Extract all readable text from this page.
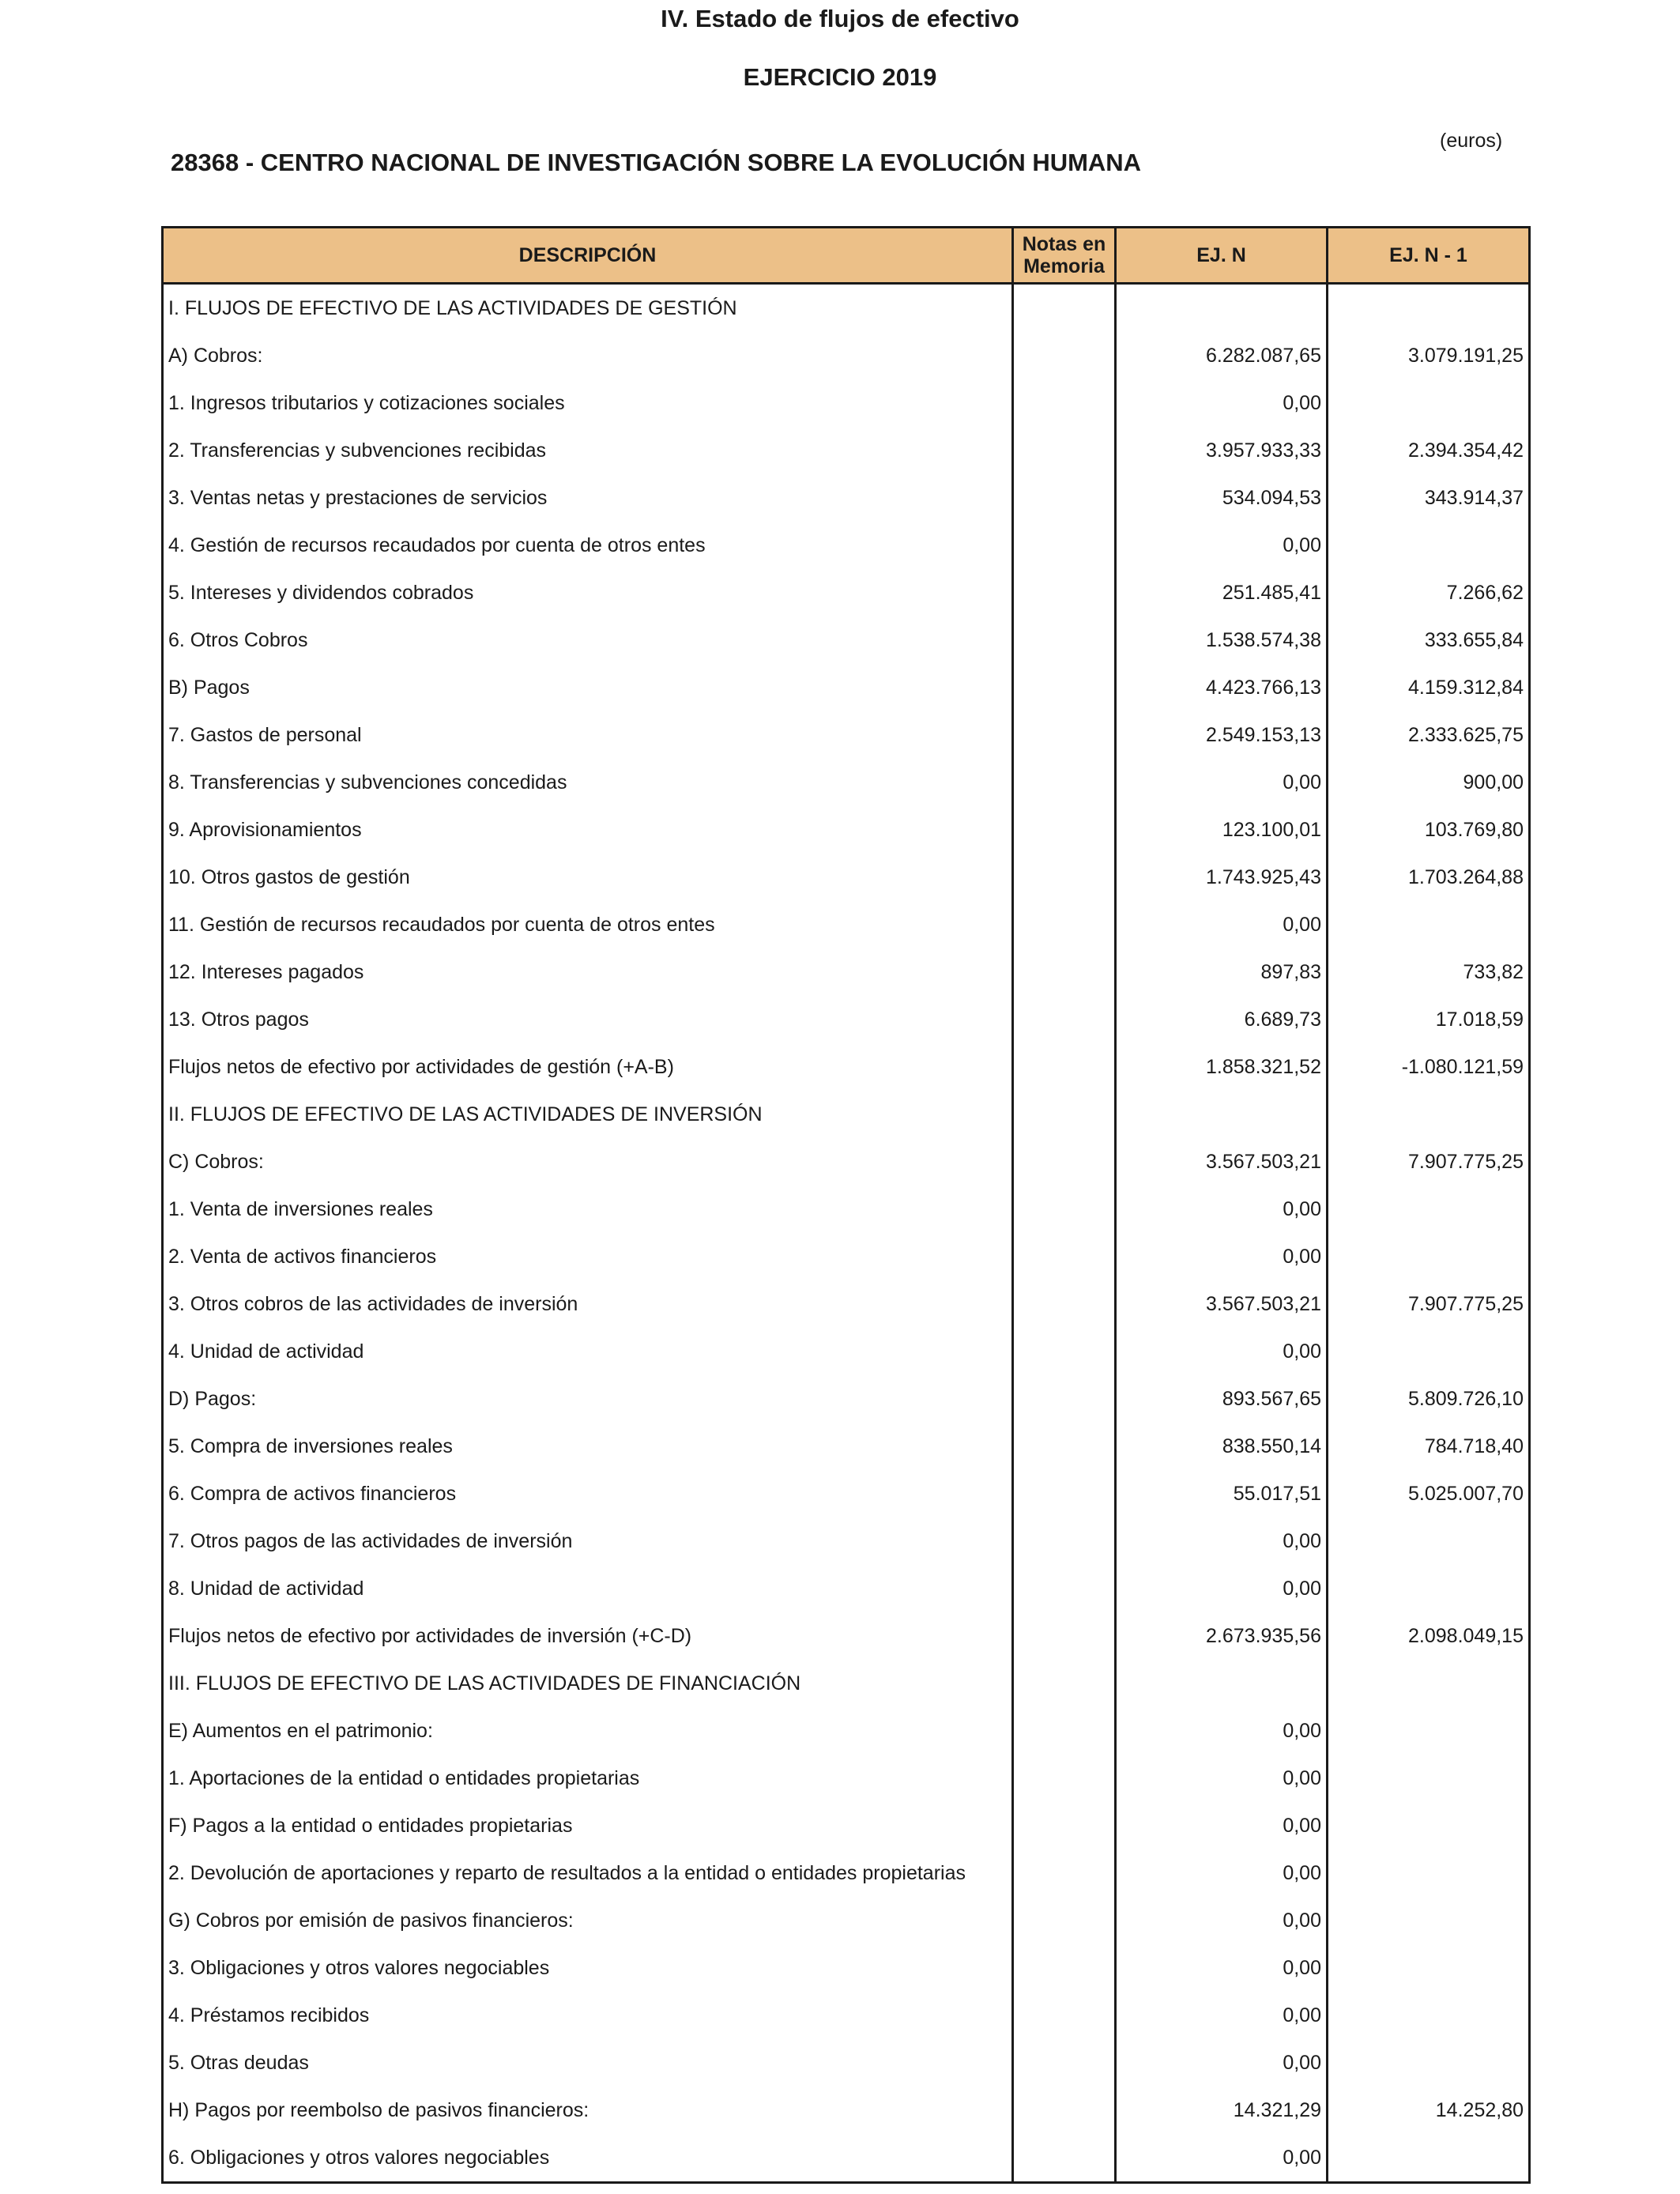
IV. Estado de flujos de efectivo
EJERCICIO 2019
(euros)
28368 - CENTRO NACIONAL DE INVESTIGACIÓN SOBRE LA EVOLUCIÓN HUMANA
DESCRIPCIÓN	Notas en Memoria	EJ. N	EJ. N - 1
I. FLUJOS DE EFECTIVO DE LAS ACTIVIDADES DE GESTIÓN			
A) Cobros:		6.282.087,65	3.079.191,25
1. Ingresos tributarios y cotizaciones sociales		0,00	
2. Transferencias y subvenciones recibidas		3.957.933,33	2.394.354,42
3. Ventas netas y prestaciones de servicios		534.094,53	343.914,37
4. Gestión de recursos recaudados por cuenta de otros entes		0,00	
5. Intereses y dividendos cobrados		251.485,41	7.266,62
6. Otros Cobros		1.538.574,38	333.655,84
B) Pagos		4.423.766,13	4.159.312,84
7. Gastos de personal		2.549.153,13	2.333.625,75
8. Transferencias y subvenciones concedidas		0,00	900,00
9. Aprovisionamientos		123.100,01	103.769,80
10. Otros gastos de gestión		1.743.925,43	1.703.264,88
11. Gestión de recursos recaudados por cuenta de otros entes		0,00	
12. Intereses pagados		897,83	733,82
13. Otros pagos		6.689,73	17.018,59
Flujos netos de efectivo por actividades de gestión (+A-B)		1.858.321,52	-1.080.121,59
II. FLUJOS DE EFECTIVO DE LAS ACTIVIDADES DE INVERSIÓN			
C) Cobros:		3.567.503,21	7.907.775,25
1. Venta de inversiones reales		0,00	
2. Venta de activos financieros		0,00	
3. Otros cobros de las actividades de inversión		3.567.503,21	7.907.775,25
4. Unidad de actividad		0,00	
D) Pagos:		893.567,65	5.809.726,10
5. Compra de inversiones reales		838.550,14	784.718,40
6. Compra de activos financieros		55.017,51	5.025.007,70
7. Otros pagos de las actividades de inversión		0,00	
8. Unidad de actividad		0,00	
Flujos netos de efectivo por actividades de inversión (+C-D)		2.673.935,56	2.098.049,15
III. FLUJOS DE EFECTIVO DE LAS ACTIVIDADES DE FINANCIACIÓN			
E) Aumentos en el patrimonio:		0,00	
1. Aportaciones de la entidad o entidades propietarias		0,00	
F) Pagos a la entidad o entidades propietarias		0,00	
2. Devolución de aportaciones y reparto de resultados a la entidad o entidades propietarias		0,00	
G) Cobros por emisión de pasivos financieros:		0,00	
3. Obligaciones y otros valores negociables		0,00	
4. Préstamos recibidos		0,00	
5. Otras deudas		0,00	
H) Pagos por reembolso de pasivos financieros:		14.321,29	14.252,80
6. Obligaciones y otros valores negociables		0,00	
